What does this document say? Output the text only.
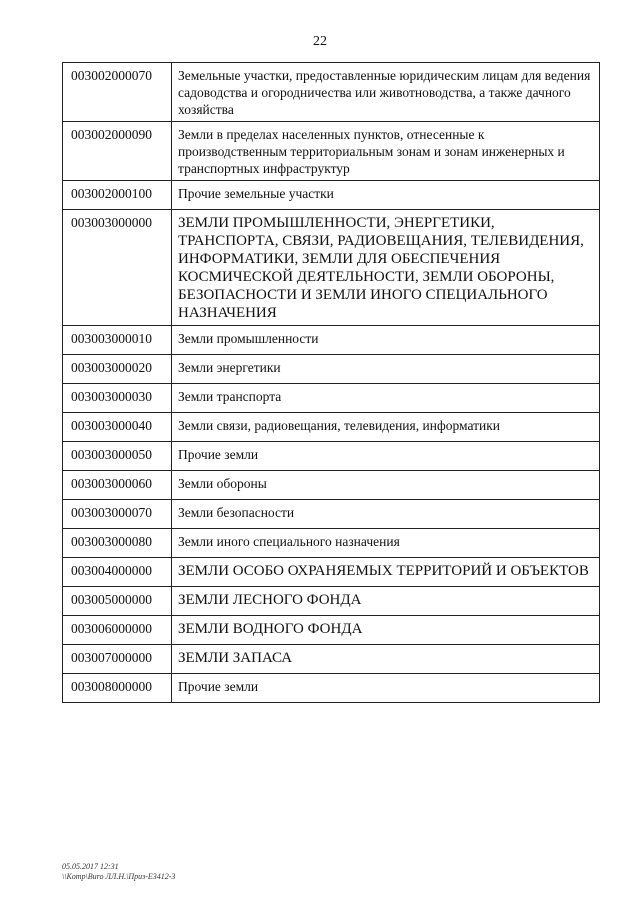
22
003002000070	Земельные участки, предоставленные юридическим лицам для ведения садоводства и огородничества или животноводства, а также дачного хозяйства
003002000090	Земли в пределах населенных пунктов, отнесенные к производственным территориальным зонам и зонам инженерных и транспортных инфраструктур
003002000100	Прочие земельные участки
003003000000	ЗЕМЛИ ПРОМЫШЛЕННОСТИ, ЭНЕРГЕТИКИ, ТРАНСПОРТА, СВЯЗИ, РАДИОВЕЩАНИЯ, ТЕЛЕВИДЕНИЯ, ИНФОРМАТИКИ, ЗЕМЛИ ДЛЯ ОБЕСПЕЧЕНИЯ КОСМИЧЕСКОЙ ДЕЯТЕЛЬНОСТИ, ЗЕМЛИ ОБОРОНЫ, БЕЗОПАСНОСТИ И ЗЕМЛИ ИНОГО СПЕЦИАЛЬНОГО НАЗНАЧЕНИЯ
003003000010	Земли промышленности
003003000020	Земли энергетики
003003000030	Земли транспорта
003003000040	Земли связи, радиовещания, телевидения, информатики
003003000050	Прочие земли
003003000060	Земли обороны
003003000070	Земли безопасности
003003000080	Земли иного специального назначения
003004000000	ЗЕМЛИ ОСОБО ОХРАНЯЕМЫХ ТЕРРИТОРИЙ И ОБЪЕКТОВ
003005000000	ЗЕМЛИ ЛЕСНОГО ФОНДА
003006000000	ЗЕМЛИ ВОДНОГО ФОНДА
003007000000	ЗЕМЛИ ЗАПАСА
003008000000	Прочие земли
05.05.2017 12:31
\\Komp\Buro ЛЛ.Н.\Приз-E3412-3
